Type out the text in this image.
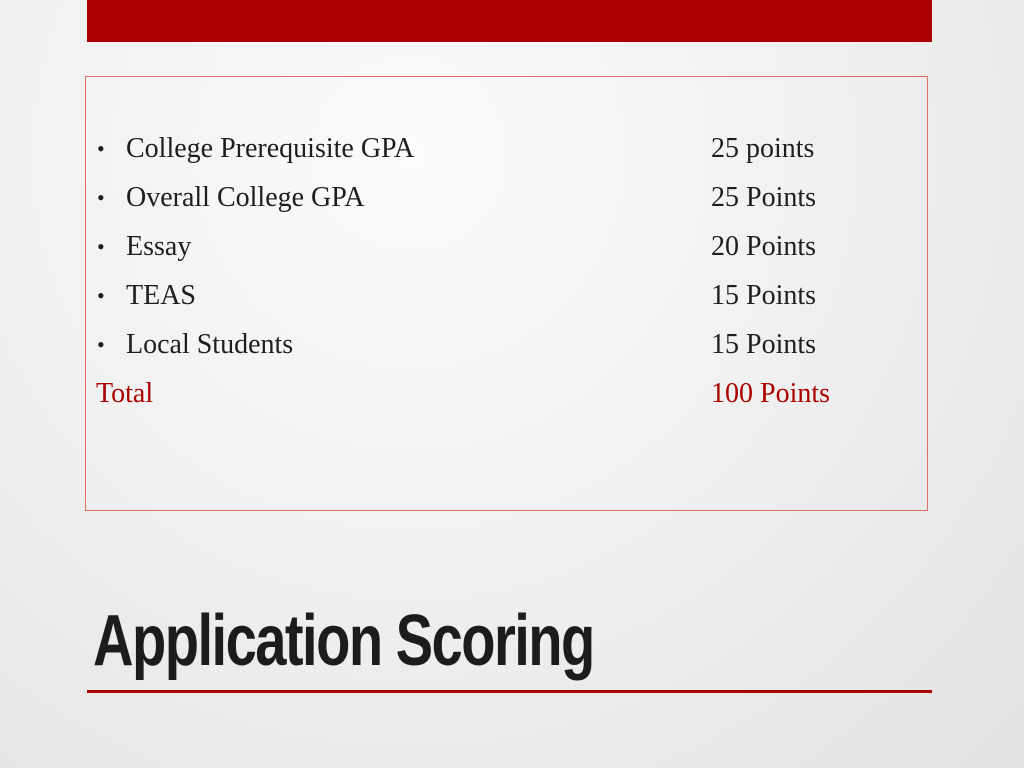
• College Prerequisite GPA	25 points
• Overall College GPA	25 Points
• Essay	20 Points
• TEAS	15 Points
• Local Students	15 Points
Total	100 Points
Application Scoring
